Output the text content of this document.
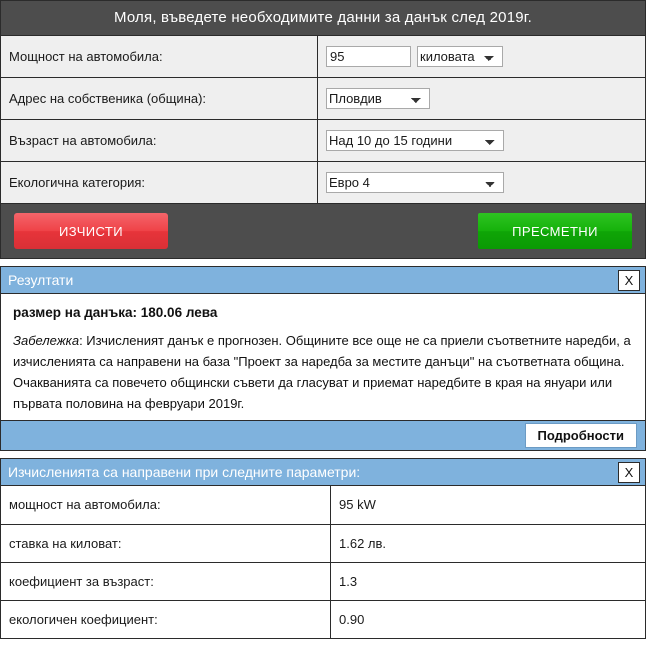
Моля, въведете необходимите данни за данък след 2019г.
Мощност на автомобила:
95
киловата
Адрес на собственика (община):
Пловдив
Възраст на автомобила:
Над 10 до 15 години
Екологична категория:
Евро 4
ИЗЧИСТИ	ПРЕСМЕТНИ
Резултати	X
размер на данъка: 180.06 лева
Забележка: Изчисленият данък е прогнозен. Общините все още не са приели съответните наредби, а изчисленията са направени на база "Проект за наредба за местите данъци" на съответната община. Очакванията са повечето общински съвети да гласуват и приемат наредбите в края на януари или първата половина на февруари 2019г.
Подробности
Изчисленията са направени при следните параметри:	X
мощност на автомобила:	95 kW
ставка на киловат:	1.62 лв.
коефициент за възраст:	1.3
екологичен коефициент:	0.90
